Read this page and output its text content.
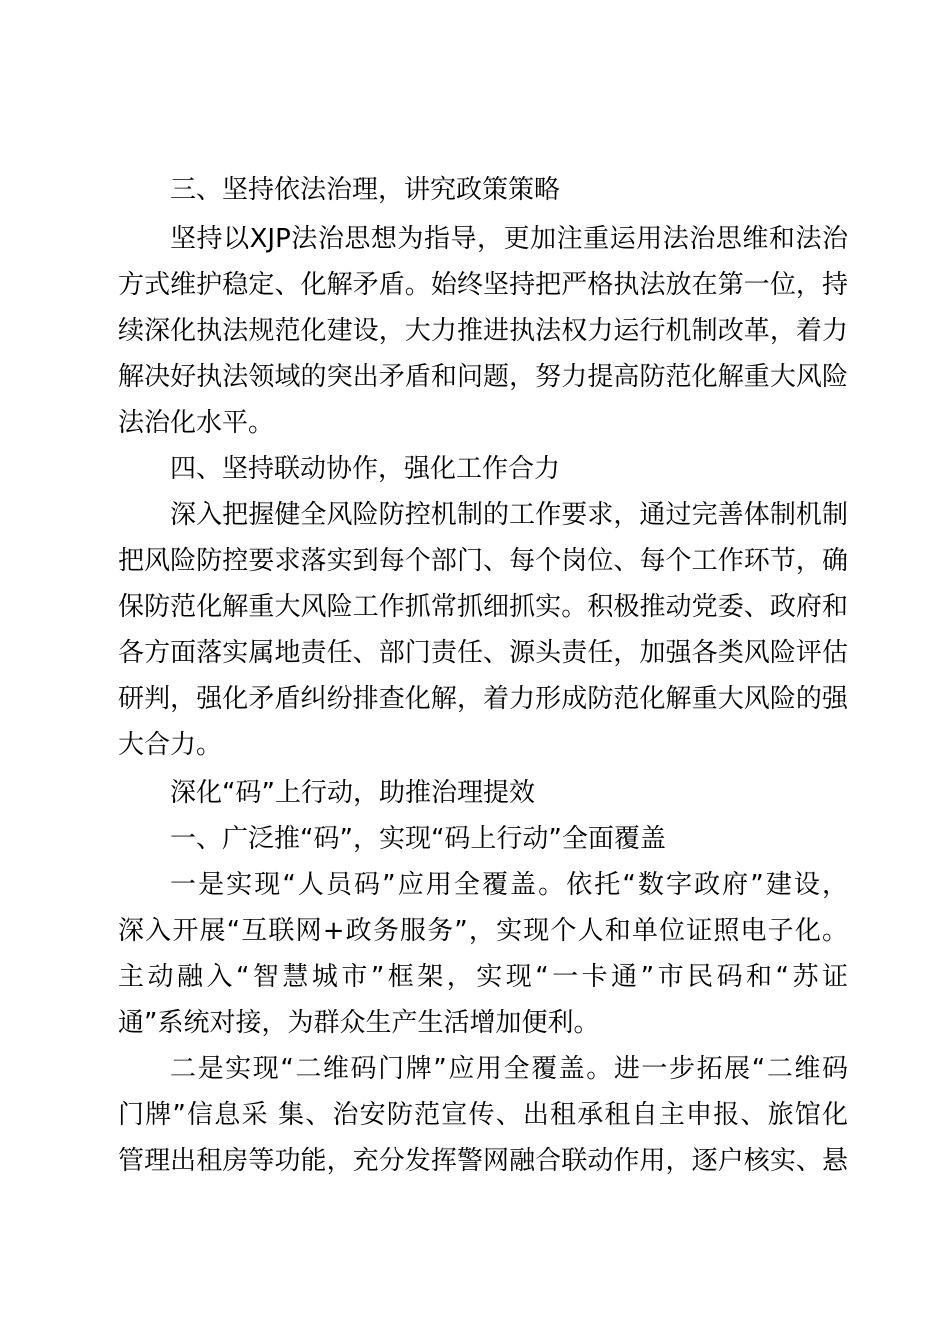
三、坚持依法治理，讲究政策策略
坚持以XJP法治思想为指导，更加注重运用法治思维和法治
方式维护稳定、化解矛盾。始终坚持把严格执法放在第一位，持
续深化执法规范化建设，大力推进执法权力运行机制改革，着力
解决好执法领域的突出矛盾和问题，努力提高防范化解重大风险
法治化水平。
四、坚持联动协作，强化工作合力
深入把握健全风险防控机制的工作要求，通过完善体制机制
把风险防控要求落实到每个部门、每个岗位、每个工作环节，确
保防范化解重大风险工作抓常抓细抓实。积极推动党委、政府和
各方面落实属地责任、部门责任、源头责任，加强各类风险评估
研判，强化矛盾纠纷排查化解，着力形成防范化解重大风险的强
大合力。
深化“码”上行动，助推治理提效
一、广泛推“码”，实现“码上行动”全面覆盖
一是实现“人员码”应用全覆盖。依托“数字政府”建设，
深入开展“互联网+政务服务”，实现个人和单位证照电子化。
主动融入“智慧城市”框架，实现“一卡通”市民码和“苏证
通”系统对接，为群众生产生活增加便利。
二是实现“二维码门牌”应用全覆盖。进一步拓展“二维码
门牌”信息采 集、治安防范宣传、出租承租自主申报、旅馆化
管理出租房等功能，充分发挥警网融合联动作用，逐户核实、悬
